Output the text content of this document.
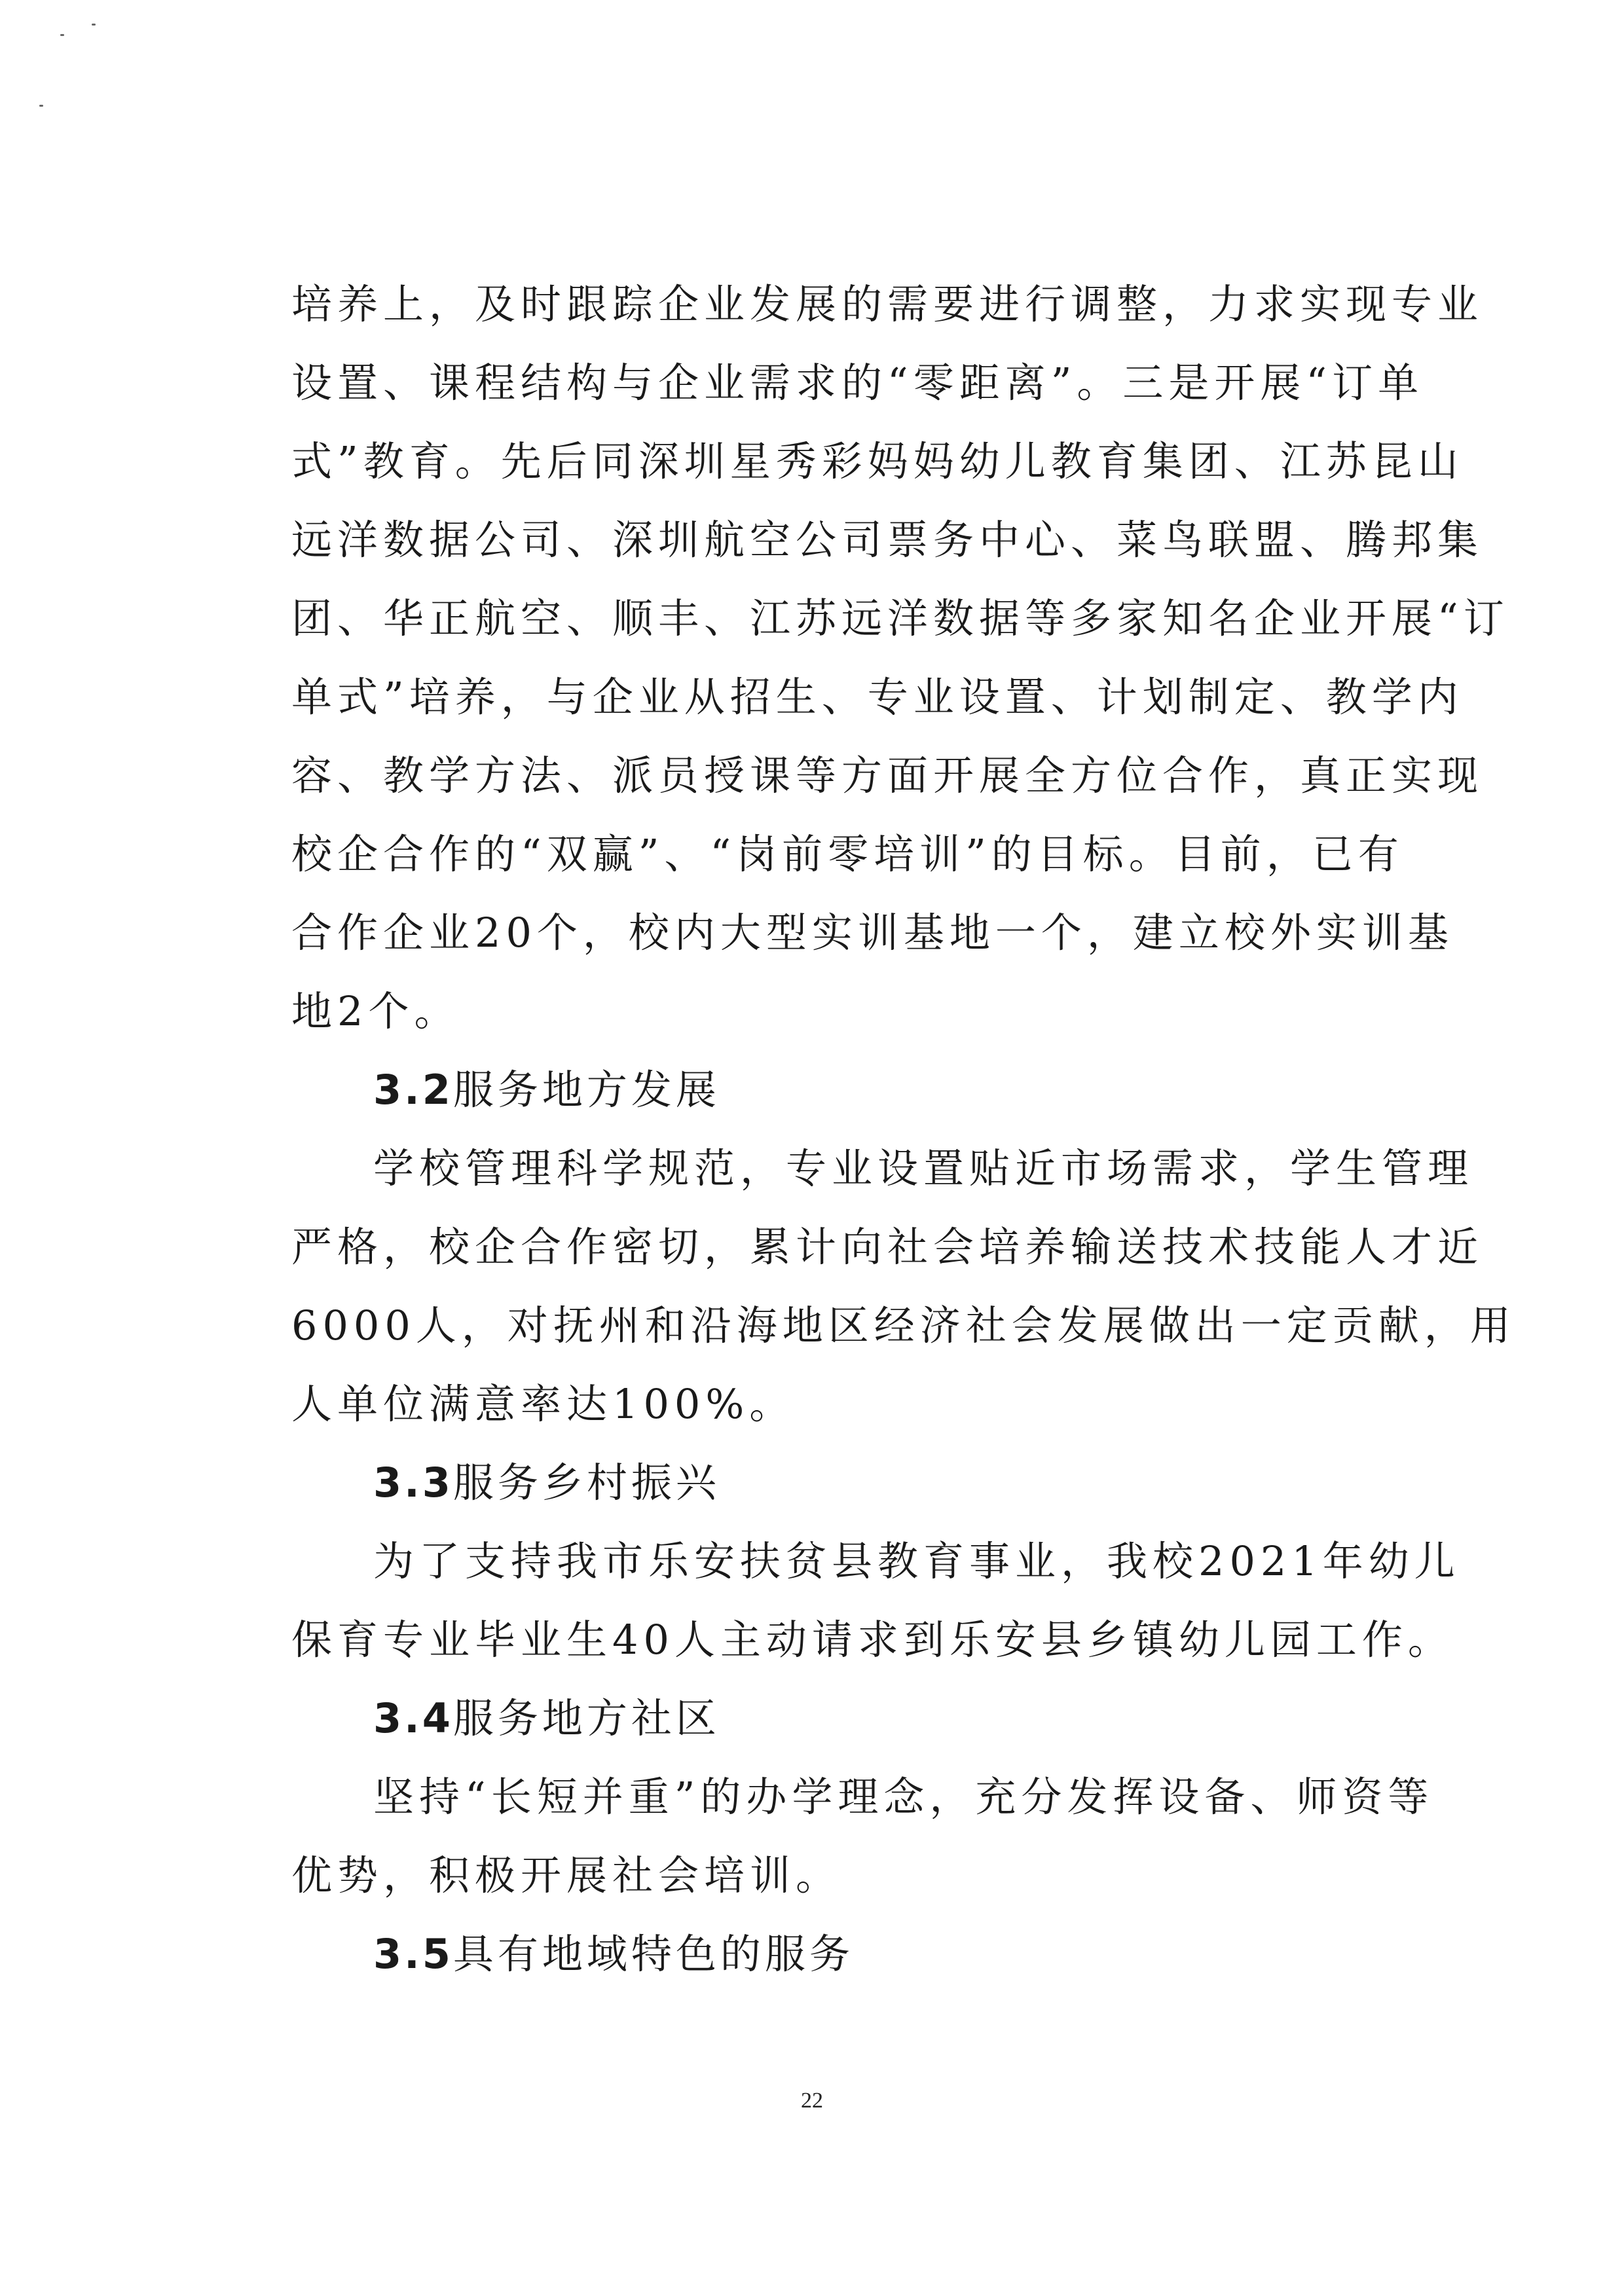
培养上，及时跟踪企业发展的需要进行调整，力求实现专业
设置、课程结构与企业需求的“零距离”。三是开展“订单
式”教育。先后同深圳星秀彩妈妈幼儿教育集团、江苏昆山
远洋数据公司、深圳航空公司票务中心、菜鸟联盟、腾邦集
团、华正航空、顺丰、江苏远洋数据等多家知名企业开展“订
单式”培养，与企业从招生、专业设置、计划制定、教学内
容、教学方法、派员授课等方面开展全方位合作，真正实现
校企合作的“双赢”、“岗前零培训”的目标。目前，已有
合作企业20个，校内大型实训基地一个，建立校外实训基
地2个。
3.2服务地方发展
学校管理科学规范，专业设置贴近市场需求，学生管理
严格，校企合作密切，累计向社会培养输送技术技能人才近
6000人，对抚州和沿海地区经济社会发展做出一定贡献，用
人单位满意率达100%。
3.3服务乡村振兴
为了支持我市乐安扶贫县教育事业，我校2021年幼儿
保育专业毕业生40人主动请求到乐安县乡镇幼儿园工作。
3.4服务地方社区
坚持“长短并重”的办学理念，充分发挥设备、师资等
优势，积极开展社会培训。
3.5具有地域特色的服务
22
